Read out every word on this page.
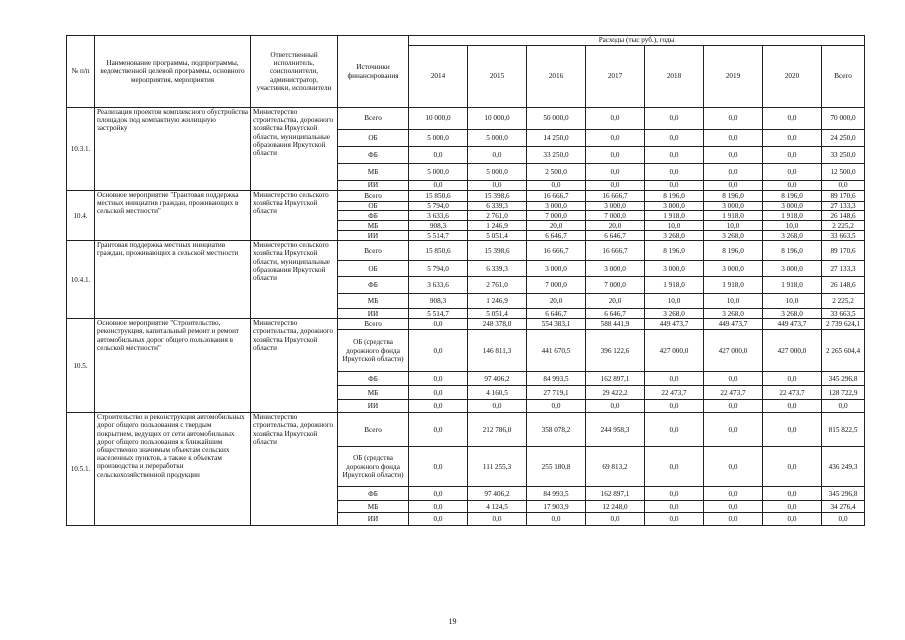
№ п/п	Наименование программы, подпрограммы, ведомственной целевой программы, основного мероприятия, мероприятия	Ответственный исполнитель, соисполнители, администратор, участники, исполнители	Источники финансирования	Расходы (тыс руб.), годы							
				2014	2015	2016	2017	2018	2019	2020	Всего
10.3.1.	Реализация проектов комплексного обустройства площадок под компактную жилищную застройку	Министерство строительства, дорожного хозяйства Иркутской области, муниципальные образования Иркутской области	Всего	10 000,0	10 000,0	50 000,0	0,0	0,0	0,0	0,0	70 000,0
			ОБ	5 000,0	5 000,0	14 250,0	0,0	0,0	0,0	0,0	24 250,0
			ФБ	0,0	0,0	33 250,0	0,0	0,0	0,0	0,0	33 250,0
			МБ	5 000,0	5 000,0	2 500,0	0,0	0,0	0,0	0,0	12 500,0
			ИИ	0,0	0,0	0,0	0,0	0,0	0,0	0,0	0,0
10.4.	Основное мероприятие "Грантовая поддержка местных инициатив граждан, проживающих в сельской местности"	Министерство сельского хозяйства Иркутской области	Всего	15 850,6	15 398,6	16 666,7	16 666,7	8 196,0	8 196,0	8 196,0	89 170,6
			ОБ	5 794,0	6 339,3	3 000,0	3 000,0	3 000,0	3 000,0	3 000,0	27 133,3
			ФБ	3 633,6	2 761,0	7 000,0	7 000,0	1 918,0	1 918,0	1 918,0	26 148,6
			МБ	908,3	1 246,9	20,0	20,0	10,0	10,0	10,0	2 225,2
			ИИ	5 514,7	5 051,4	6 646,7	6 646,7	3 268,0	3 268,0	3 268,0	33 663,5
10.4.1.	Грантовая поддержка местных инициатив граждан, проживающих в сельской местности	Министерство сельского хозяйства Иркутской области, муниципальные образования Иркутской области	Всего	15 850,6	15 398,6	16 666,7	16 666,7	8 196,0	8 196,0	8 196,0	89 170,6
			ОБ	5 794,0	6 339,3	3 000,0	3 000,0	3 000,0	3 000,0	3 000,0	27 133,3
			ФБ	3 633,6	2 761,0	7 000,0	7 000,0	1 918,0	1 918,0	1 918,0	26 148,6
			МБ	908,3	1 246,9	20,0	20,0	10,0	10,0	10,0	2 225,2
			ИИ	5 514,7	5 051,4	6 646,7	6 646,7	3 268,0	3 268,0	3 268,0	33 663,5
10.5.	Основное мероприятие "Строительство, реконструкция, капитальный ремонт и ремонт автомобильных дорог общего пользования в сельской местности"	Министерство строительства, дорожного хозяйства Иркутской области	Всего	0,0	248 378,0	554 383,1	588 441,9	449 473,7	449 473,7	449 473,7	2 739 624,1
			ОБ (средства дорожного фонда Иркутской области)	0,0	146 811,3	441 670,5	396 122,6	427 000,0	427 000,0	427 000,0	2 265 604,4
			ФБ	0,0	97 406,2	84 993,5	162 897,1	0,0	0,0	0,0	345 296,8
			МБ	0,0	4 160,5	27 719,1	29 422,2	22 473,7	22 473,7	22 473,7	128 722,9
			ИИ	0,0	0,0	0,0	0,0	0,0	0,0	0,0	0,0
10.5.1.	Строительство и реконструкция автомобильных дорог общего пользования с твердым покрытием, ведущих от сети автомобильных дорог общего пользования к ближайшим общественно значимым объектам сельских населенных пунктов, а также к объектам производства и переработки сельскохозяйственной продукции	Министерство строительства, дорожного хозяйства Иркутской области	Всего	0,0	212 786,0	358 078,2	244 958,3	0,0	0,0	0,0	815 822,5
			ОБ (средства дорожного фонда Иркутской области)	0,0	111 255,3	255 180,8	69 813,2	0,0	0,0	0,0	436 249,3
			ФБ	0,0	97 406,2	84 993,5	162 897,1	0,0	0,0	0,0	345 296,8
			МБ	0,0	4 124,5	17 903,9	12 248,0	0,0	0,0	0,0	34 276,4
			ИИ	0,0	0,0	0,0	0,0	0,0	0,0	0,0	0,0
19
